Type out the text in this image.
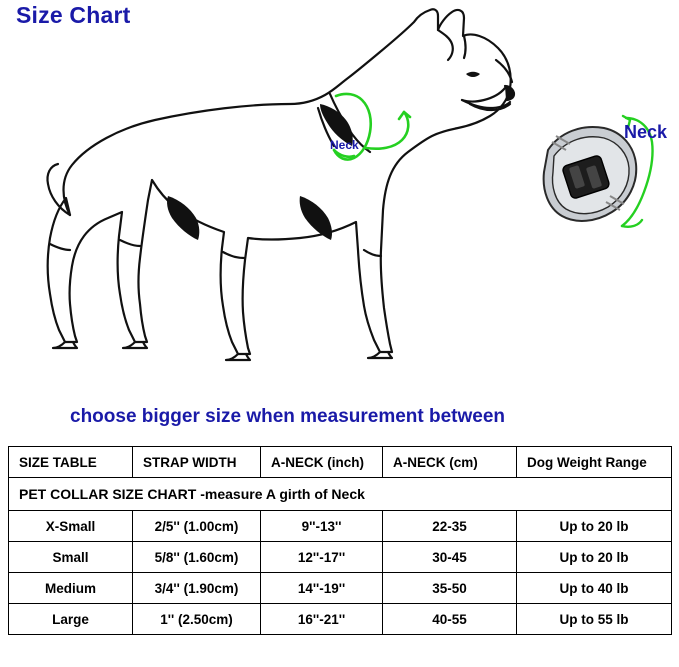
Size Chart
Neck
Neck
choose bigger size when measurement between
PET COLLAR SIZE CHART -measure A girth of Neck				
SIZE TABLE	STRAP WIDTH	A-NECK (inch)	A-NECK (cm)	Dog Weight Range
X-Small	2/5'' (1.00cm)	9''-13''	22-35	Up to 20 lb
Small	5/8'' (1.60cm)	12''-17''	30-45	Up to 20 lb
Medium	3/4'' (1.90cm)	14''-19''	35-50	Up to 40 lb
Large	1'' (2.50cm)	16''-21''	40-55	Up to 55 lb
